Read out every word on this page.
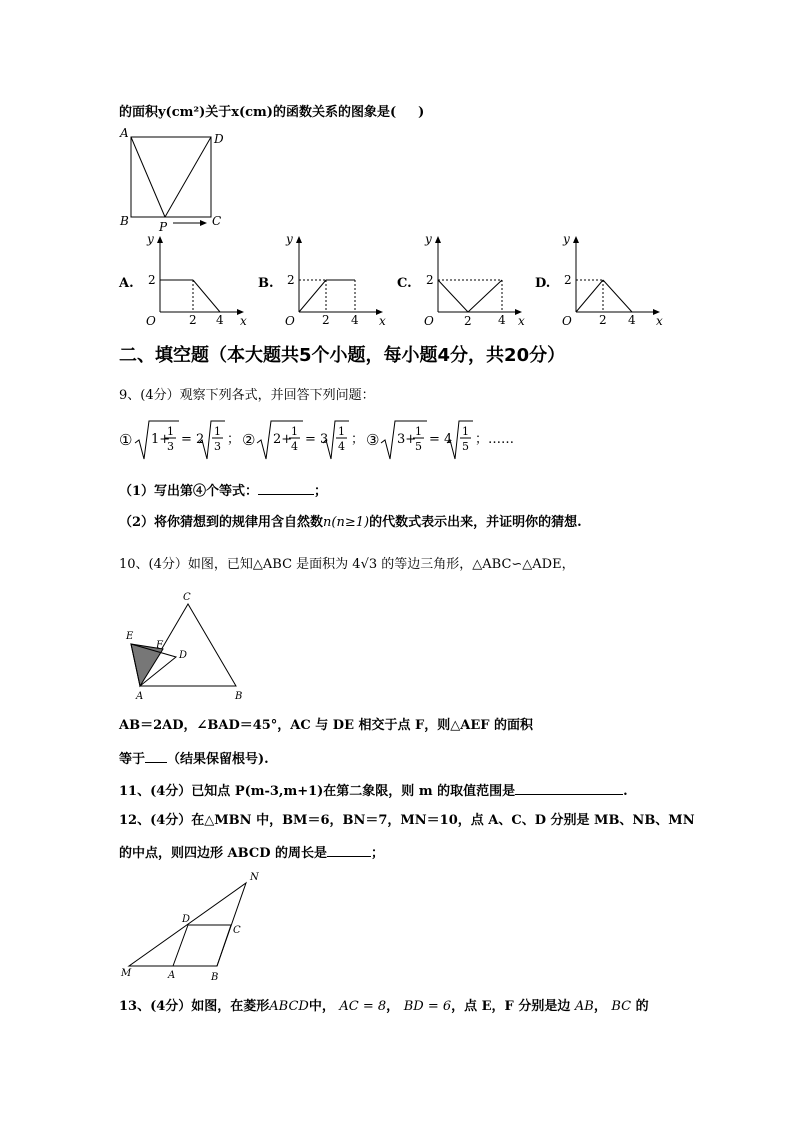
的面积y(cm²)关于x(cm)的函数关系的图象是( )
A	D
B	C
P
A.
y
x
O
2
2 4
B.
y
x
O
2
2 4
C.
y
x
O
2
2 4
D.
y
x
O
2
2 4
二、填空题（本大题共5个小题，每小题4分，共20分）
9、(4分）观察下列各式，并回答下列问题：
① 1+
1
3 = 2
1
3 ； ② 2+
1
4 = 3
1
4 ； ③ 3+
1
5 = 4
1
5 ；……
（1）写出第④个等式：	；
（2）将你猜想到的规律用含自然数n(n≥1)的代数式表示出来，并证明你的猜想.
10、(4分）如图，已知△ABC 是面积为 4√3 的等边三角形，△ABC∽△ADE，
C
E
F
D
A	B
AB＝2AD，∠BAD＝45°，AC 与 DE 相交于点 F，则△AEF 的面积
等于 （结果保留根号).
11、(4分）已知点 P(m-3,m+1)在第二象限，则 m 的取值范围是	.
12、(4分）在△MBN 中，BM＝6，BN＝7，MN＝10，点 A、C、D 分别是 MB、NB、MN
的中点，则四边形 ABCD 的周长是	；
N
D
C
M	A	B
13、(4分）如图，在菱形ABCD中， AC = 8， BD = 6，点 E，F 分别是边 AB， BC 的
